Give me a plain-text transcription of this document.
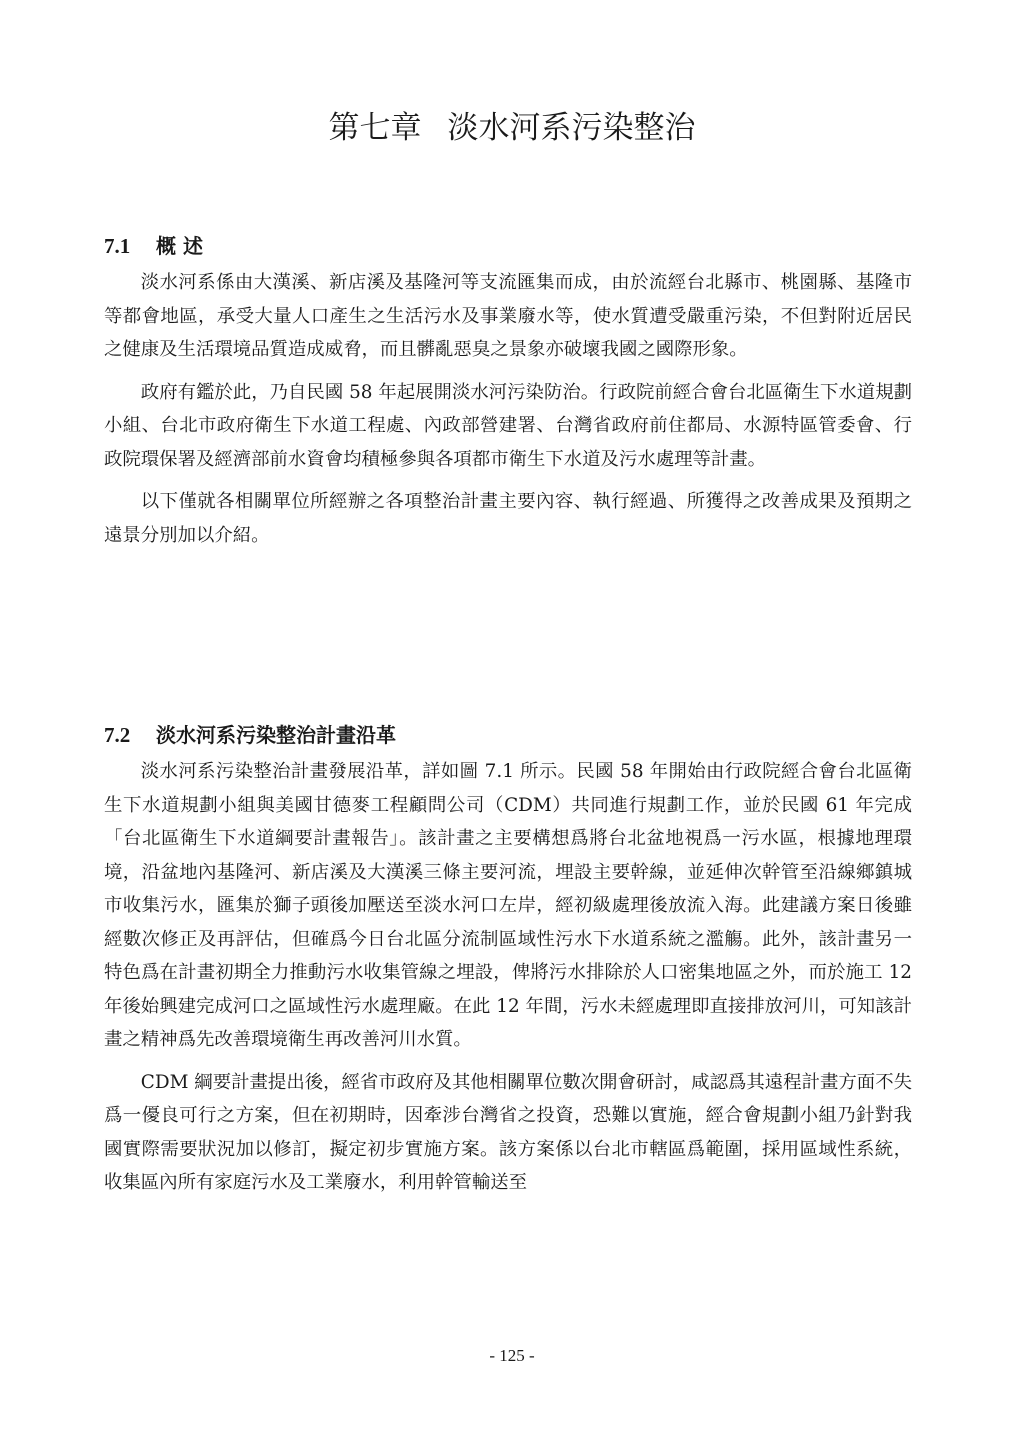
第七章 淡水河系污染整治
7.1 概 述

淡水河系係由大漢溪、新店溪及基隆河等支流匯集而成，由於流經台北縣市、桃園縣、基隆市等都會地區，承受大量人口產生之生活污水及事業廢水等，使水質遭受嚴重污染，不但對附近居民之健康及生活環境品質造成威脅，而且髒亂惡臭之景象亦破壞我國之國際形象。

政府有鑑於此，乃自民國 58 年起展開淡水河污染防治。行政院前經合會台北區衛生下水道規劃小組、台北市政府衛生下水道工程處、內政部營建署、台灣省政府前住都局、水源特區管委會、行政院環保署及經濟部前水資會均積極參與各項都市衛生下水道及污水處理等計畫。

以下僅就各相關單位所經辦之各項整治計畫主要內容、執行經過、所獲得之改善成果及預期之遠景分別加以介紹。

7.2 淡水河系污染整治計畫沿革

淡水河系污染整治計畫發展沿革，詳如圖 7.1 所示。民國 58 年開始由行政院經合會台北區衛生下水道規劃小組與美國甘德麥工程顧問公司（CDM）共同進行規劃工作，並於民國 61 年完成「台北區衛生下水道綱要計畫報告」。該計畫之主要構想爲將台北盆地視爲一污水區，根據地理環境，沿盆地內基隆河、新店溪及大漢溪三條主要河流，埋設主要幹線，並延伸次幹管至沿線鄉鎮城市收集污水，匯集於獅子頭後加壓送至淡水河口左岸，經初級處理後放流入海。此建議方案日後雖經數次修正及再評估，但確爲今日台北區分流制區域性污水下水道系統之濫觴。此外，該計畫另一特色爲在計畫初期全力推動污水收集管線之埋設，俾將污水排除於人口密集地區之外，而於施工 12 年後始興建完成河口之區域性污水處理廠。在此 12 年間，污水未經處理即直接排放河川，可知該計畫之精神爲先改善環境衛生再改善河川水質。

CDM 綱要計畫提出後，經省市政府及其他相關單位數次開會研討，咸認爲其遠程計畫方面不失爲一優良可行之方案，但在初期時，因牽涉台灣省之投資，恐難以實施，經合會規劃小組乃針對我國實際需要狀況加以修訂，擬定初步實施方案。該方案係以台北市轄區爲範圍，採用區域性系統，收集區內所有家庭污水及工業廢水，利用幹管輸送至

- 125 -
